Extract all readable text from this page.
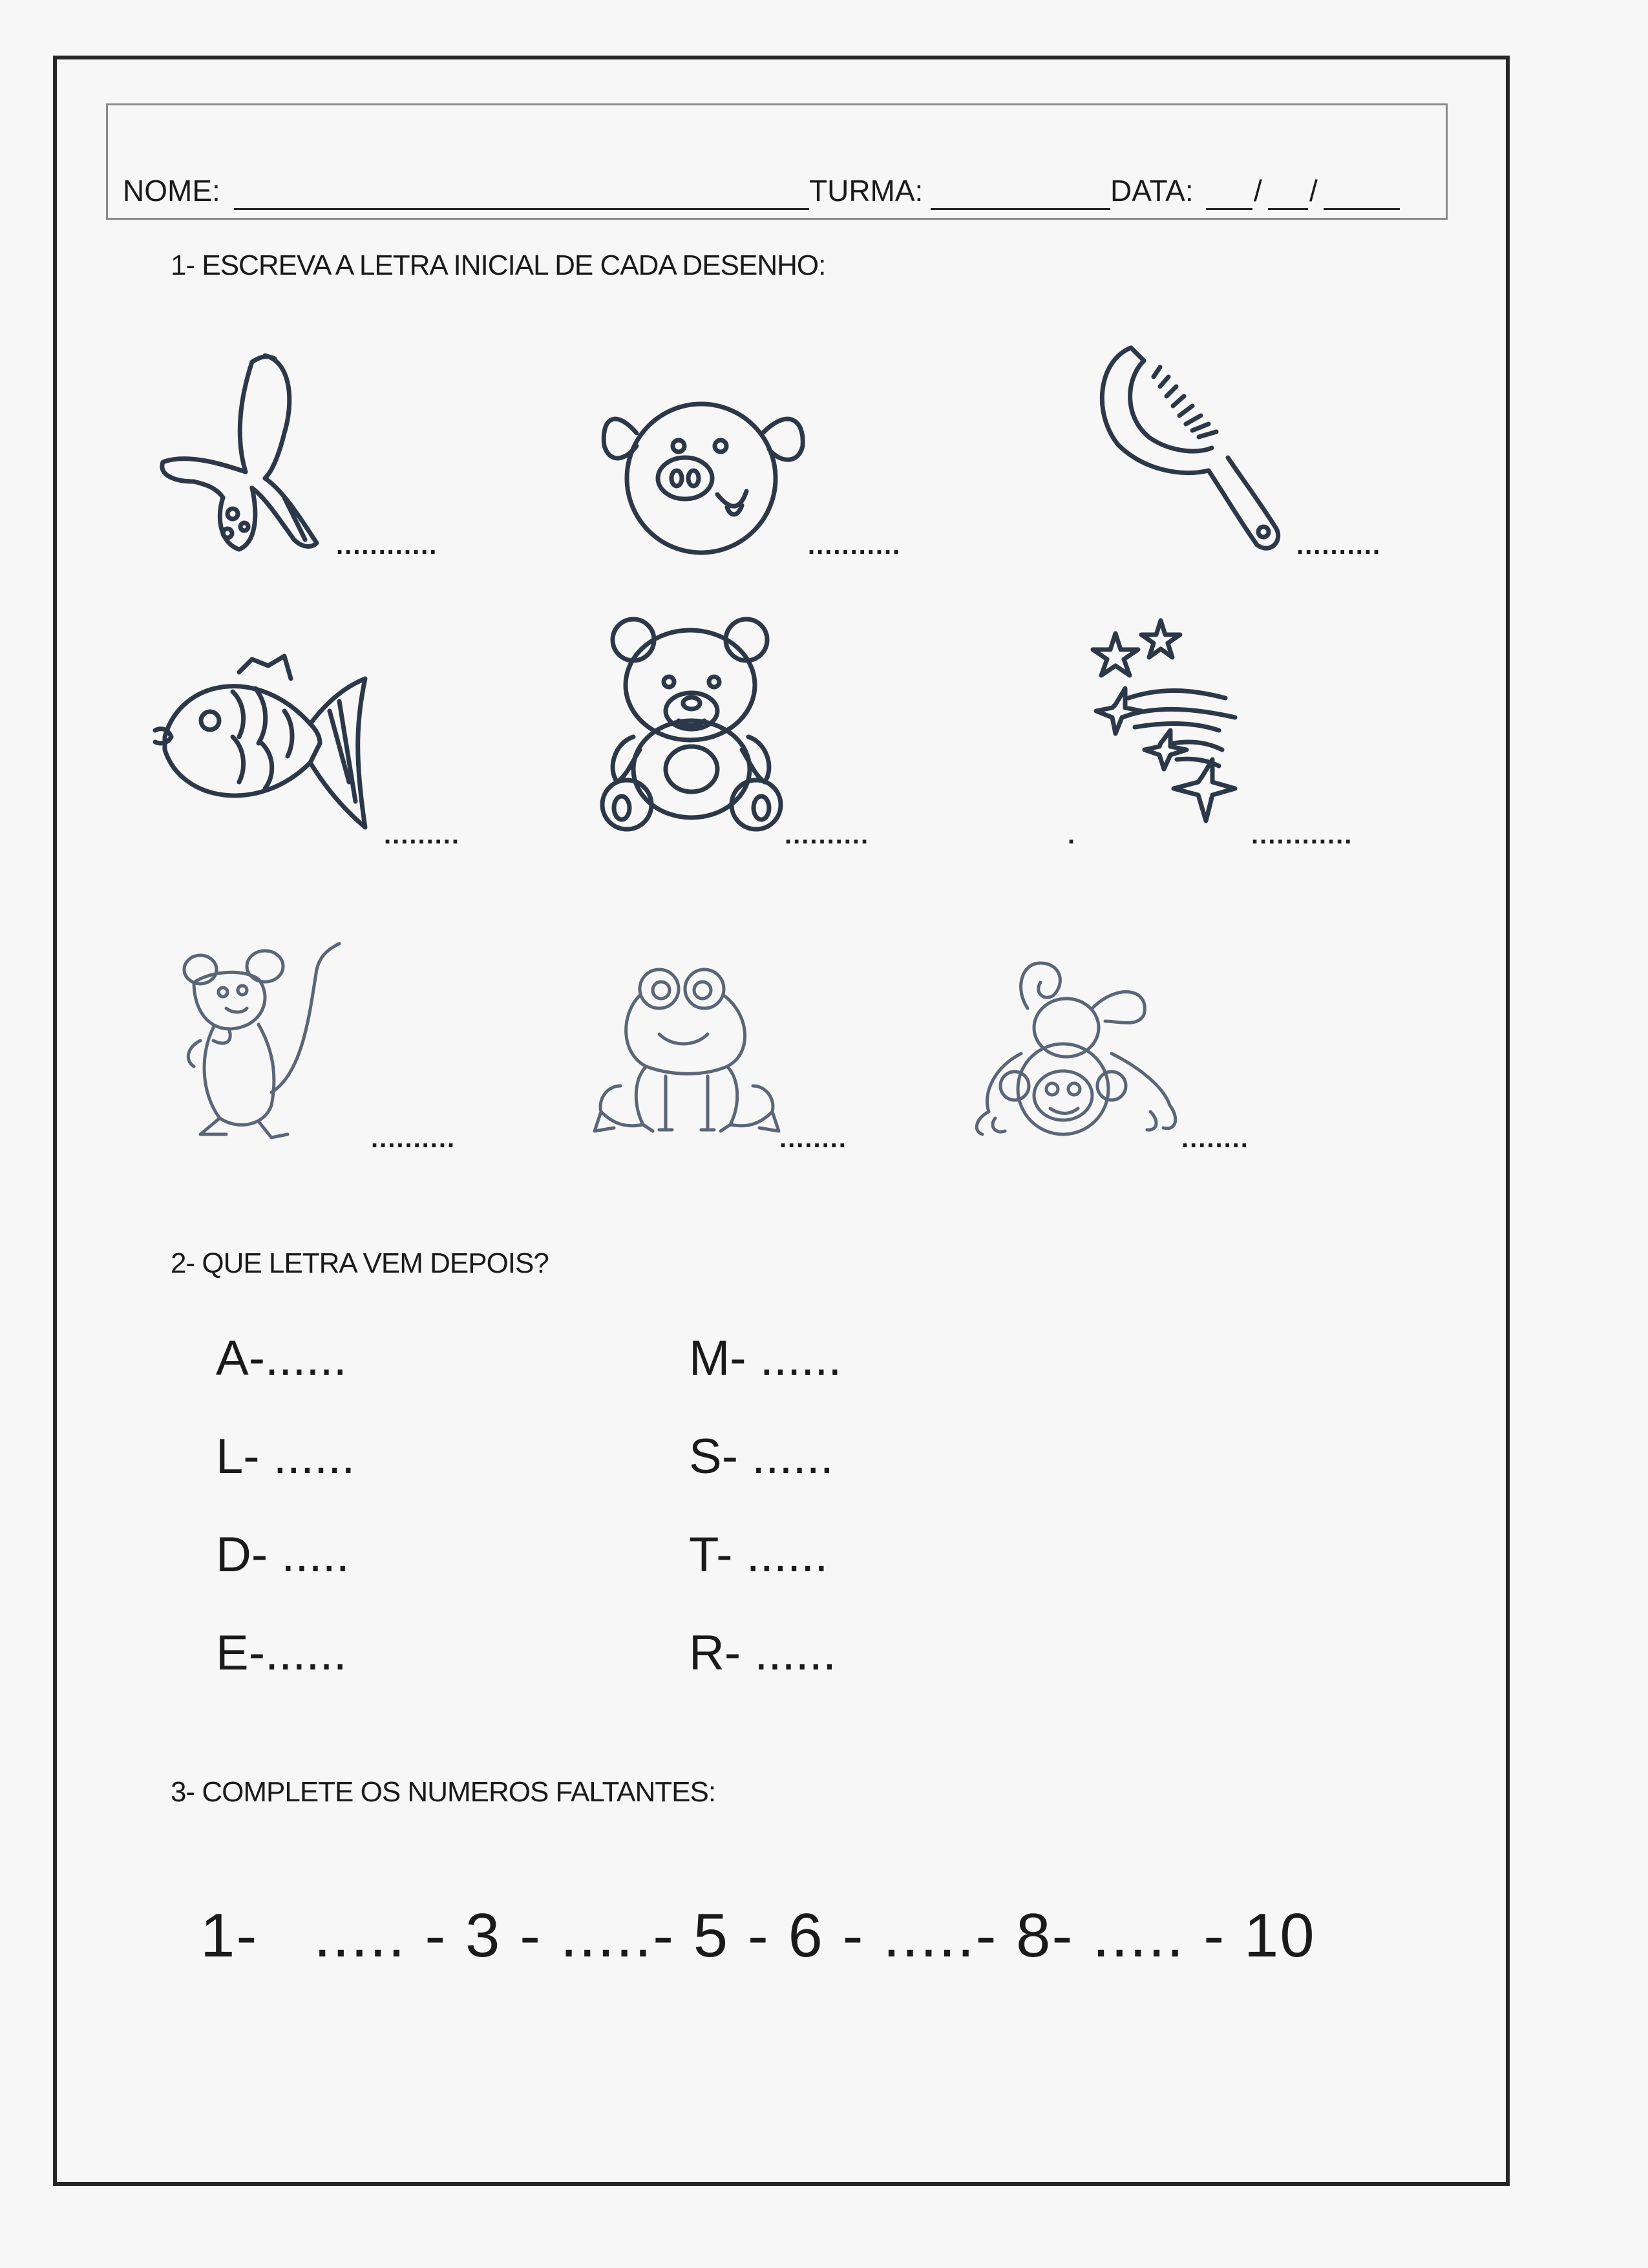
NOME:	TURMA:	DATA: / /
1- ESCREVA A LETRA INICIAL DE CADA DESENHO:
............	...........	..........
.........	..........	.	............
..........	........	........
2- QUE LETRA VEM DEPOIS?
A-......
L- ......
D- .....
E-......
M- ......
S- ......
T- ......
R- ......
3- COMPLETE OS NUMEROS FALTANTES:
1-   ..... - 3 - .....- 5 - 6 - .....- 8- ..... - 10
